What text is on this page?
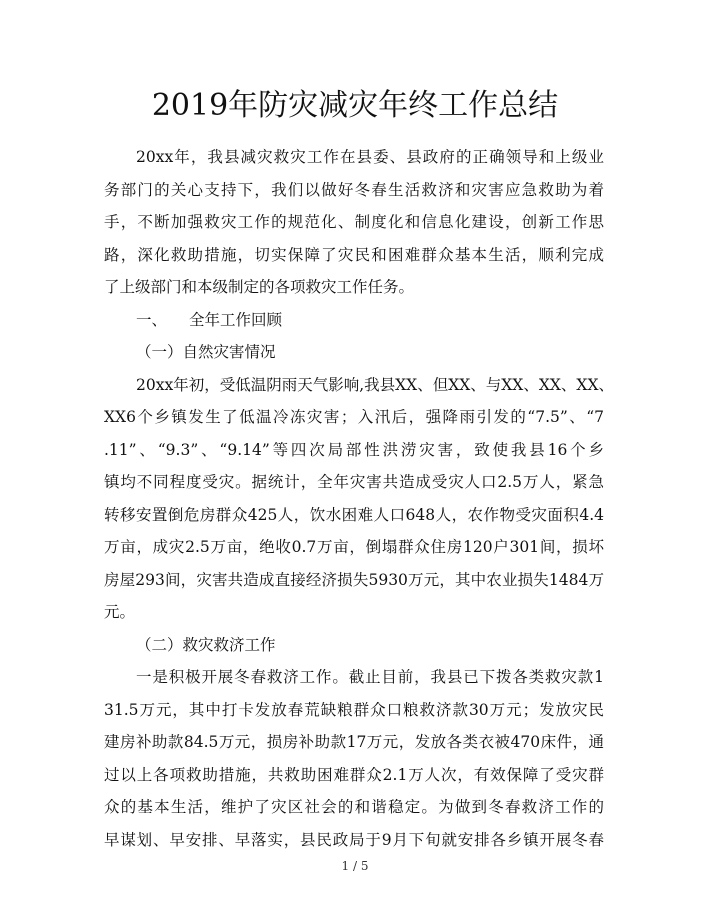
2019年防灾减灾年终工作总结
20xx年，我县减灾救灾工作在县委、县政府的正确领导和上级业
务部门的关心支持下，我们以做好冬春生活救济和灾害应急救助为着
手，不断加强救灾工作的规范化、制度化和信息化建设，创新工作思
路，深化救助措施，切实保障了灾民和困难群众基本生活，顺利完成
了上级部门和本级制定的各项救灾工作任务。
一、 全年工作回顾
（一）自然灾害情况
20xx年初，受低温阴雨天气影响,我县XX、但XX、与XX、XX、XX、
XX6个乡镇发生了低温冷冻灾害；入汛后，强降雨引发的“7.5”、“7
.11”、“9.3”、“9.14”等四次局部性洪涝灾害，致使我县16个乡
镇均不同程度受灾。据统计，全年灾害共造成受灾人口2.5万人，紧急
转移安置倒危房群众425人，饮水困难人口648人，农作物受灾面积4.4
万亩，成灾2.5万亩，绝收0.7万亩，倒塌群众住房120户301间，损坏
房屋293间，灾害共造成直接经济损失5930万元，其中农业损失1484万
元。
（二）救灾救济工作
一是积极开展冬春救济工作。截止目前，我县已下拨各类救灾款1
31.5万元，其中打卡发放春荒缺粮群众口粮救济款30万元；发放灾民
建房补助款84.5万元，损房补助款17万元，发放各类衣被470床件，通
过以上各项救助措施，共救助困难群众2.1万人次，有效保障了受灾群
众的基本生活，维护了灾区社会的和谐稳定。为做到冬春救济工作的
早谋划、早安排、早落实，县民政局于9月下旬就安排各乡镇开展冬春
1 / 5
